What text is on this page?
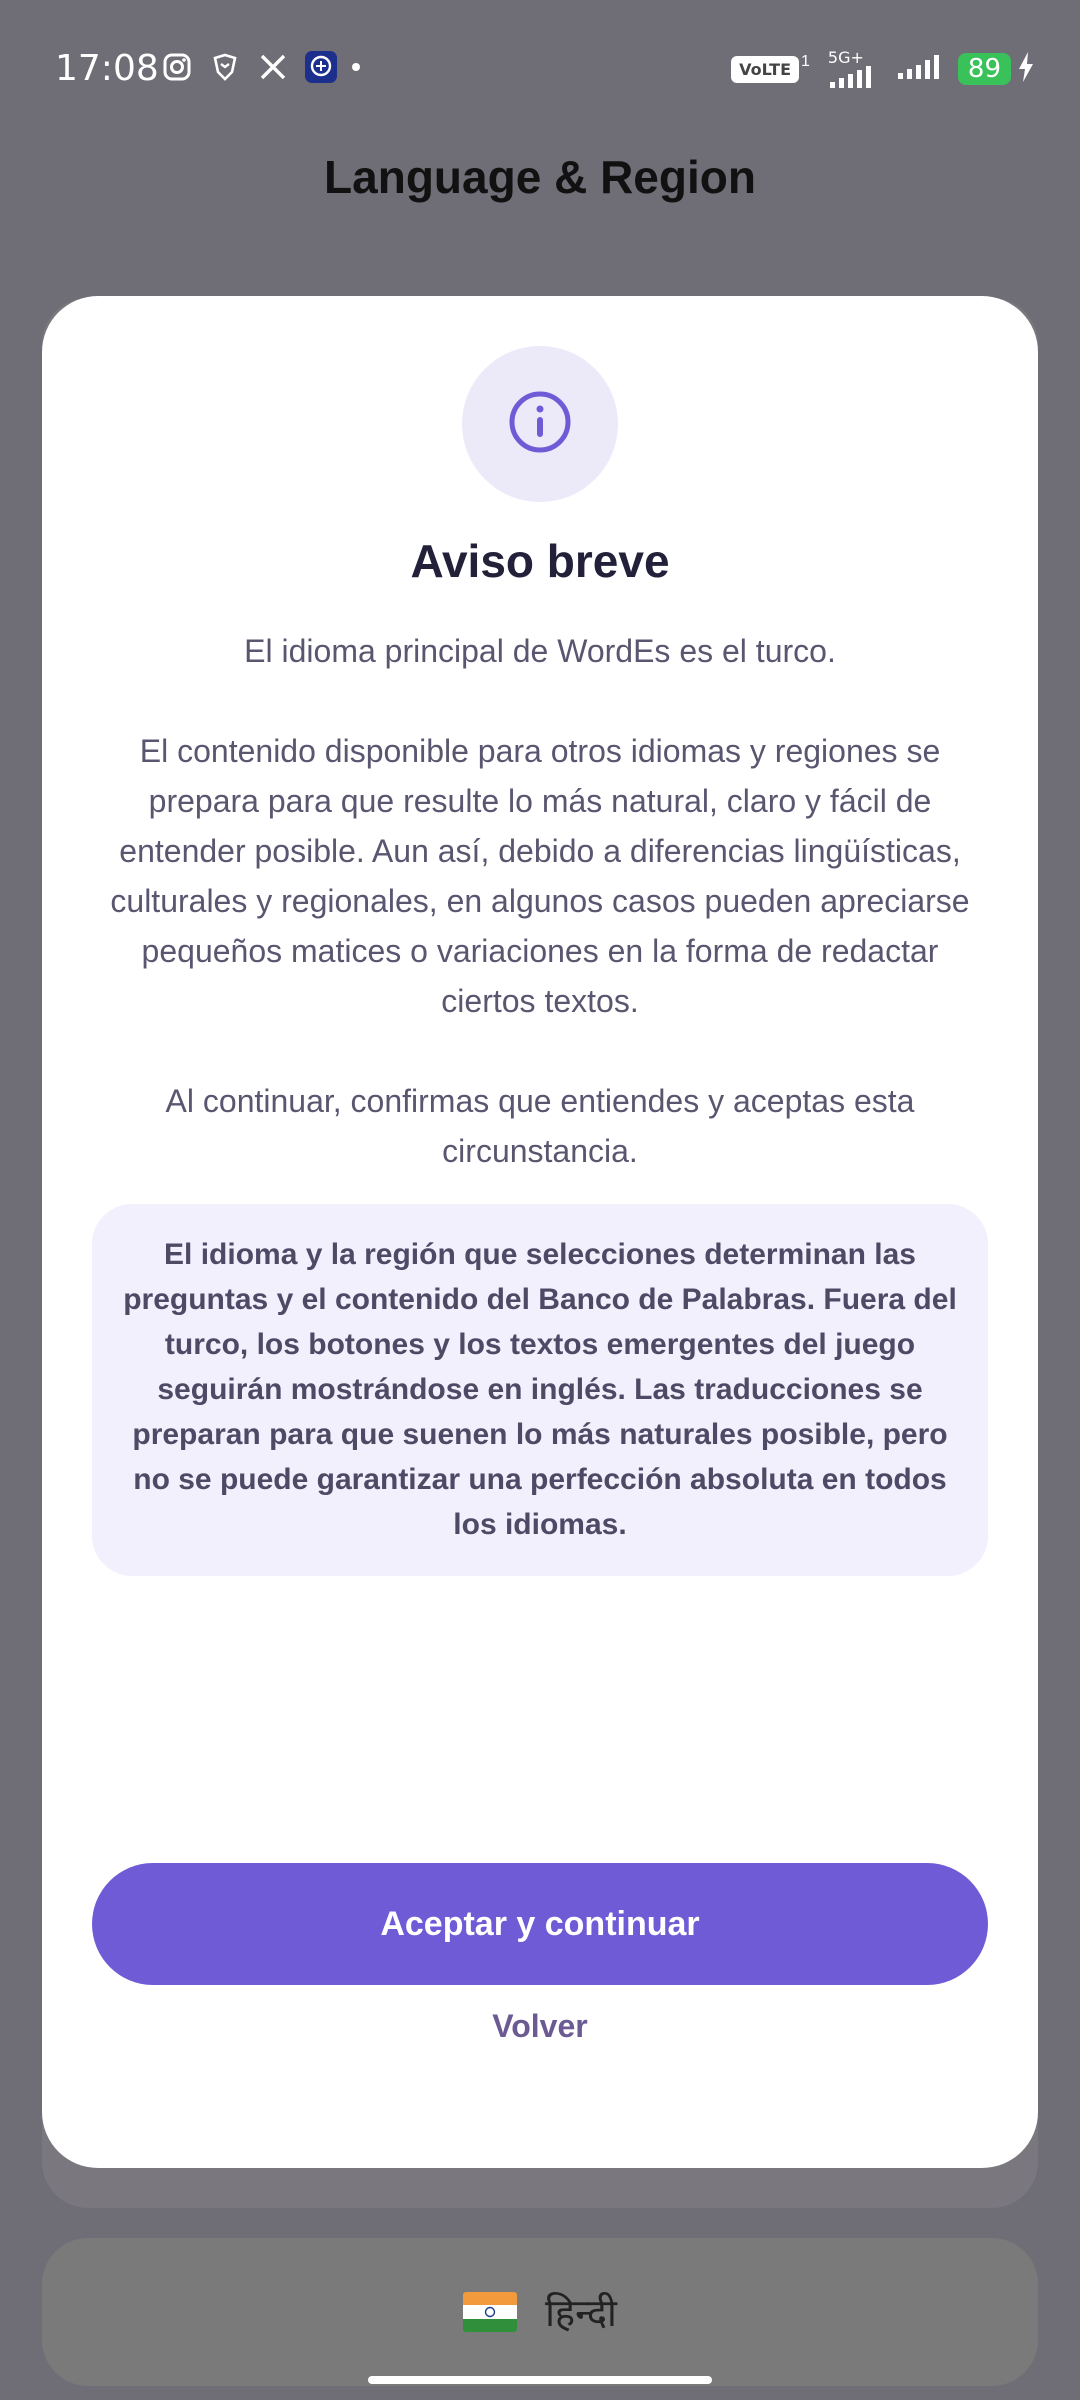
17:08	VoLTE 1 5G+	89
Language & Region
हिन्दी
Aviso breve
El idioma principal de WordEs es el turco.
El contenido disponible para otros idiomas y regiones se prepara para que resulte lo más natural, claro y fácil de entender posible. Aun así, debido a diferencias lingüísticas, culturales y regionales, en algunos casos pueden apreciarse pequeños matices o variaciones en la forma de redactar ciertos textos.
Al continuar, confirmas que entiendes y aceptas esta circunstancia.
El idioma y la región que selecciones determinan las preguntas y el contenido del Banco de Palabras. Fuera del turco, los botones y los textos emergentes del juego seguirán mostrándose en inglés. Las traducciones se preparan para que suenen lo más naturales posible, pero no se puede garantizar una perfección absoluta en todos los idiomas.
Aceptar y continuar
Volver
